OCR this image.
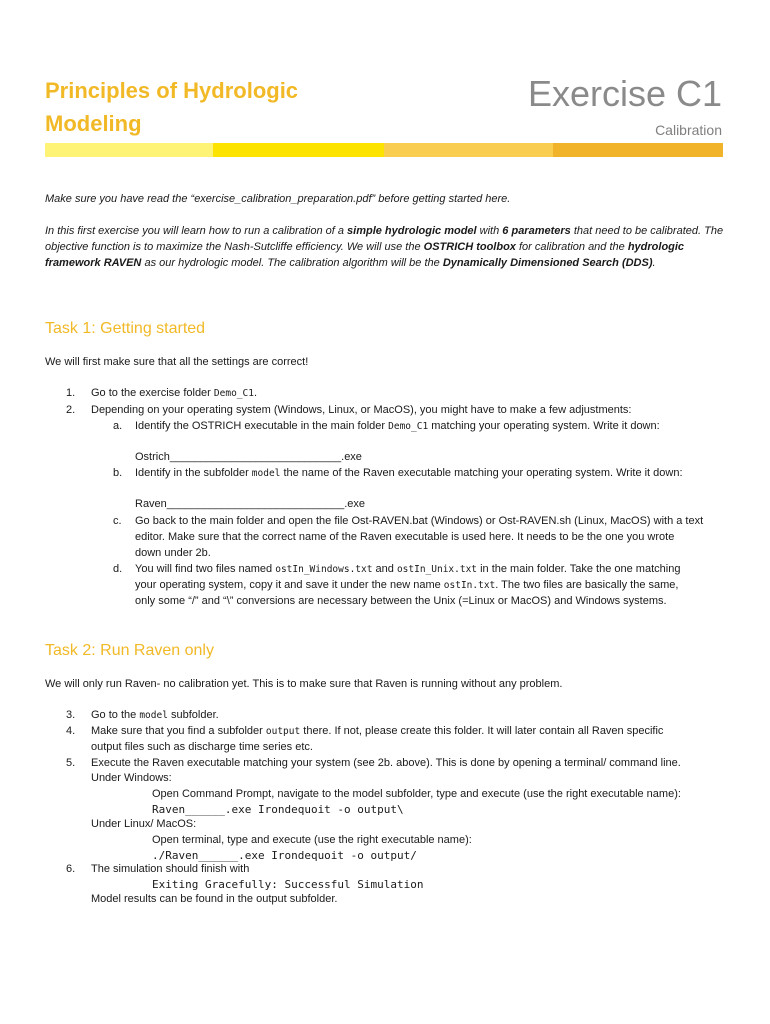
Principles of Hydrologic
Modeling
Exercise C1
Calibration

Make sure you have read the “exercise_calibration_preparation.pdf” before getting started here.

In this first exercise you will learn how to run a calibration of a simple hydrologic model with 6 parameters that need to be calibrated. The objective function is to maximize the Nash-Sutcliffe efficiency. We will use the OSTRICH toolbox for calibration and the hydrologic framework RAVEN as our hydrologic model. The calibration algorithm will be the Dynamically Dimensioned Search (DDS).

Task 1: Getting started
We will first make sure that all the settings are correct!
1. Go to the exercise folder Demo_C1.
2. Depending on your operating system (Windows, Linux, or MacOS), you might have to make a few adjustments:
a. Identify the OSTRICH executable in the main folder Demo_C1 matching your operating system. Write it down:
Ostrich____________________________.exe
b. Identify in the subfolder model the name of the Raven executable matching your operating system. Write it down:
Raven_____________________________.exe
c. Go back to the main folder and open the file Ost-RAVEN.bat (Windows) or Ost-RAVEN.sh (Linux, MacOS) with a text
editor. Make sure that the correct name of the Raven executable is used here. It needs to be the one you wrote
down under 2b.
d. You will find two files named ostIn_Windows.txt and ostIn_Unix.txt in the main folder. Take the one matching
your operating system, copy it and save it under the new name ostIn.txt. The two files are basically the same,
only some “/” and “\” conversions are necessary between the Unix (=Linux or MacOS) and Windows systems.
Task 2: Run Raven only
We will only run Raven- no calibration yet. This is to make sure that Raven is running without any problem.
3. Go to the model subfolder.
4. Make sure that you find a subfolder output there. If not, please create this folder. It will later contain all Raven specific
output files such as discharge time series etc.
5. Execute the Raven executable matching your system (see 2b. above). This is done by opening a terminal/ command line.
Under Windows:
Open Command Prompt, navigate to the model subfolder, type and execute (use the right executable name):
Raven______.exe Irondequoit -o output\
Under Linux/ MacOS:
Open terminal, type and execute (use the right executable name):
./Raven______.exe Irondequoit -o output/
6. The simulation should finish with
Exiting Gracefully: Successful Simulation
Model results can be found in the output subfolder.
